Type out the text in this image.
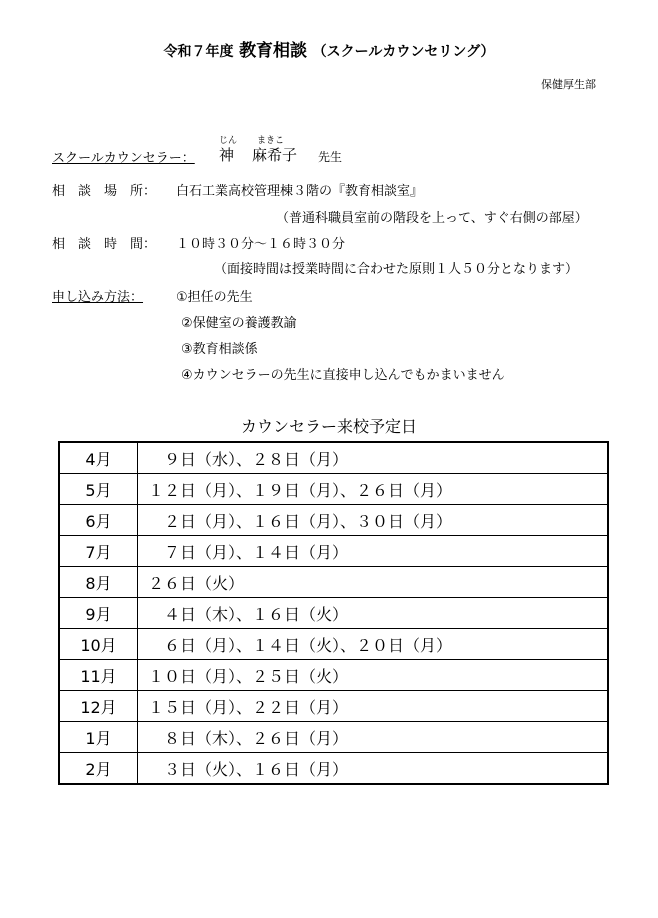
令和７年度 教育相談 （スクールカウンセリング）
保健厚生部
じん まきこ
スクールカウンセラー： 神 麻希子 先生
相　談　場　所： 白石工業高校管理棟３階の『教育相談室』
（普通科職員室前の階段を上って、すぐ右側の部屋）
相　談　時　間： １０時３０分～１６時３０分
（面接時間は授業時間に合わせた原則１人５０分となります）
申し込み方法：	①担任の先生
②保健室の養護教諭
③教育相談係
④カウンセラーの先生に直接申し込んでもかまいません
カウンセラー来校予定日
4月	　９日（水）、２８日（月）
5月	１２日（月）、１９日（月）、２６日（月）
6月	　２日（月）、１６日（月）、３０日（月）
7月	　７日（月）、１４日（月）
8月	２６日（火）
9月	　４日（木）、１６日（火）
10月	　６日（月）、１４日（火）、２０日（月）
11月	１０日（月）、２５日（火）
12月	１５日（月）、２２日（月）
1月	　８日（木）、２６日（月）
2月	　３日（火）、１６日（月）
